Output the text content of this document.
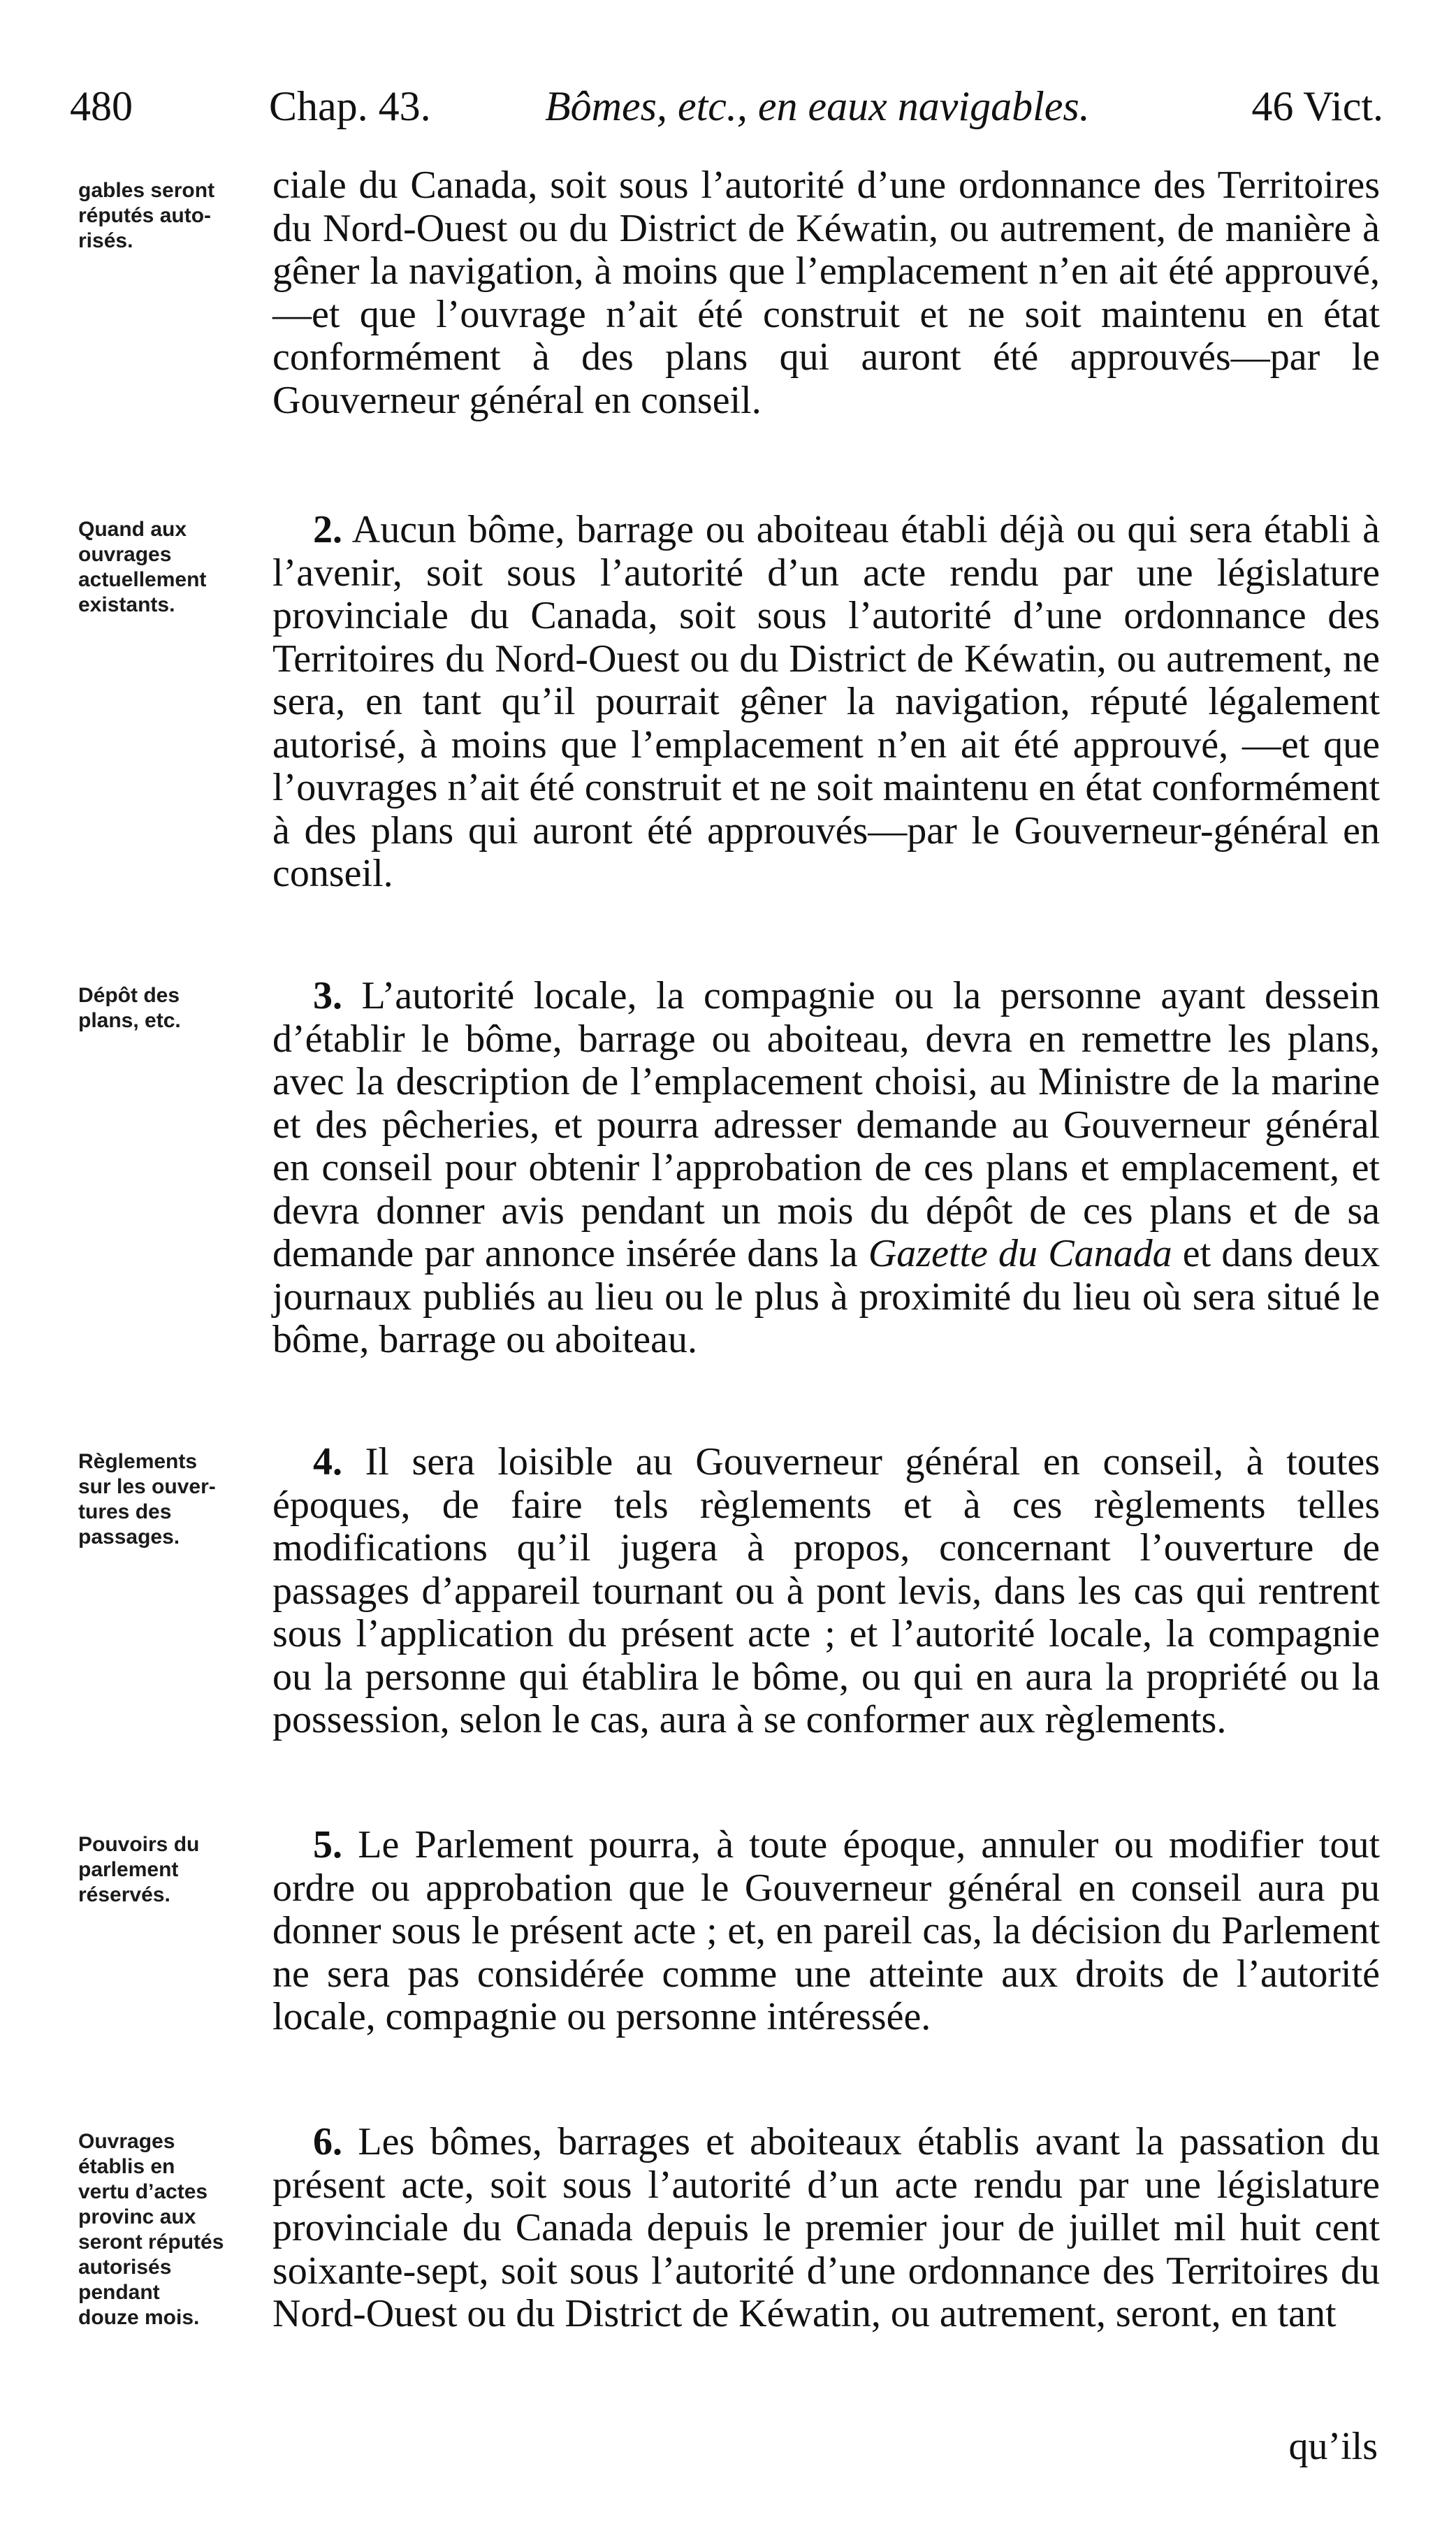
480	Chap. 43.	Bômes, etc., en eaux navigables.	46 Vict.
gables seront
réputés auto-
risés.
ciale du Canada, soit sous l’autorité d’une ordonnance des Territoires du Nord-Ouest ou du District de Kéwatin, ou autrement, de manière à gêner la navigation, à moins que l’emplacement n’en ait été approuvé,—et que l’ouvrage n’ait été construit et ne soit maintenu en état conformément à des plans qui auront été approuvés—par le Gouverneur général en conseil.
Quand aux
ouvrages
actuellement
existants.
2. Aucun bôme, barrage ou aboiteau établi déjà ou qui sera établi à l’avenir, soit sous l’autorité d’un acte rendu par une législature provinciale du Canada, soit sous l’autorité d’une ordonnance des Territoires du Nord-Ouest ou du District de Kéwatin, ou autrement, ne sera, en tant qu’il pourrait gêner la navigation, réputé légalement autorisé, à moins que l’emplacement n’en ait été approuvé, —et que l’ouvrages n’ait été construit et ne soit maintenu en état conformément à des plans qui auront été approuvés—par le Gouverneur-général en conseil.
Dépôt des
plans, etc.
3. L’autorité locale, la compagnie ou la personne ayant dessein d’établir le bôme, barrage ou aboiteau, devra en remettre les plans, avec la description de l’emplacement choisi, au Ministre de la marine et des pêcheries, et pourra adresser demande au Gouverneur général en conseil pour obtenir l’approbation de ces plans et emplacement, et devra donner avis pendant un mois du dépôt de ces plans et de sa demande par annonce insérée dans la Gazette du Canada et dans deux journaux publiés au lieu ou le plus à proximité du lieu où sera situé le bôme, barrage ou aboiteau.
Règlements
sur les ouver-
tures des
passages.
4. Il sera loisible au Gouverneur général en conseil, à toutes époques, de faire tels règlements et à ces règlements telles modifications qu’il jugera à propos, concernant l’ouverture de passages d’appareil tournant ou à pont levis, dans les cas qui rentrent sous l’application du présent acte ; et l’autorité locale, la compagnie ou la personne qui établira le bôme, ou qui en aura la propriété ou la possession, selon le cas, aura à se conformer aux règlements.
Pouvoirs du
parlement
réservés.
5. Le Parlement pourra, à toute époque, annuler ou modifier tout ordre ou approbation que le Gouverneur général en conseil aura pu donner sous le présent acte ; et, en pareil cas, la décision du Parlement ne sera pas considérée comme une atteinte aux droits de l’autorité locale, compagnie ou personne intéressée.
Ouvrages
établis en
vertu d’actes
provinc aux
seront réputés
autorisés
pendant
douze mois.
6. Les bômes, barrages et aboiteaux établis avant la passation du présent acte, soit sous l’autorité d’un acte rendu par une législature provinciale du Canada depuis le premier jour de juillet mil huit cent soixante-sept, soit sous l’autorité d’une ordonnance des Territoires du Nord-Ouest ou du District de Kéwatin, ou autrement, seront, en tant
qu’ils
